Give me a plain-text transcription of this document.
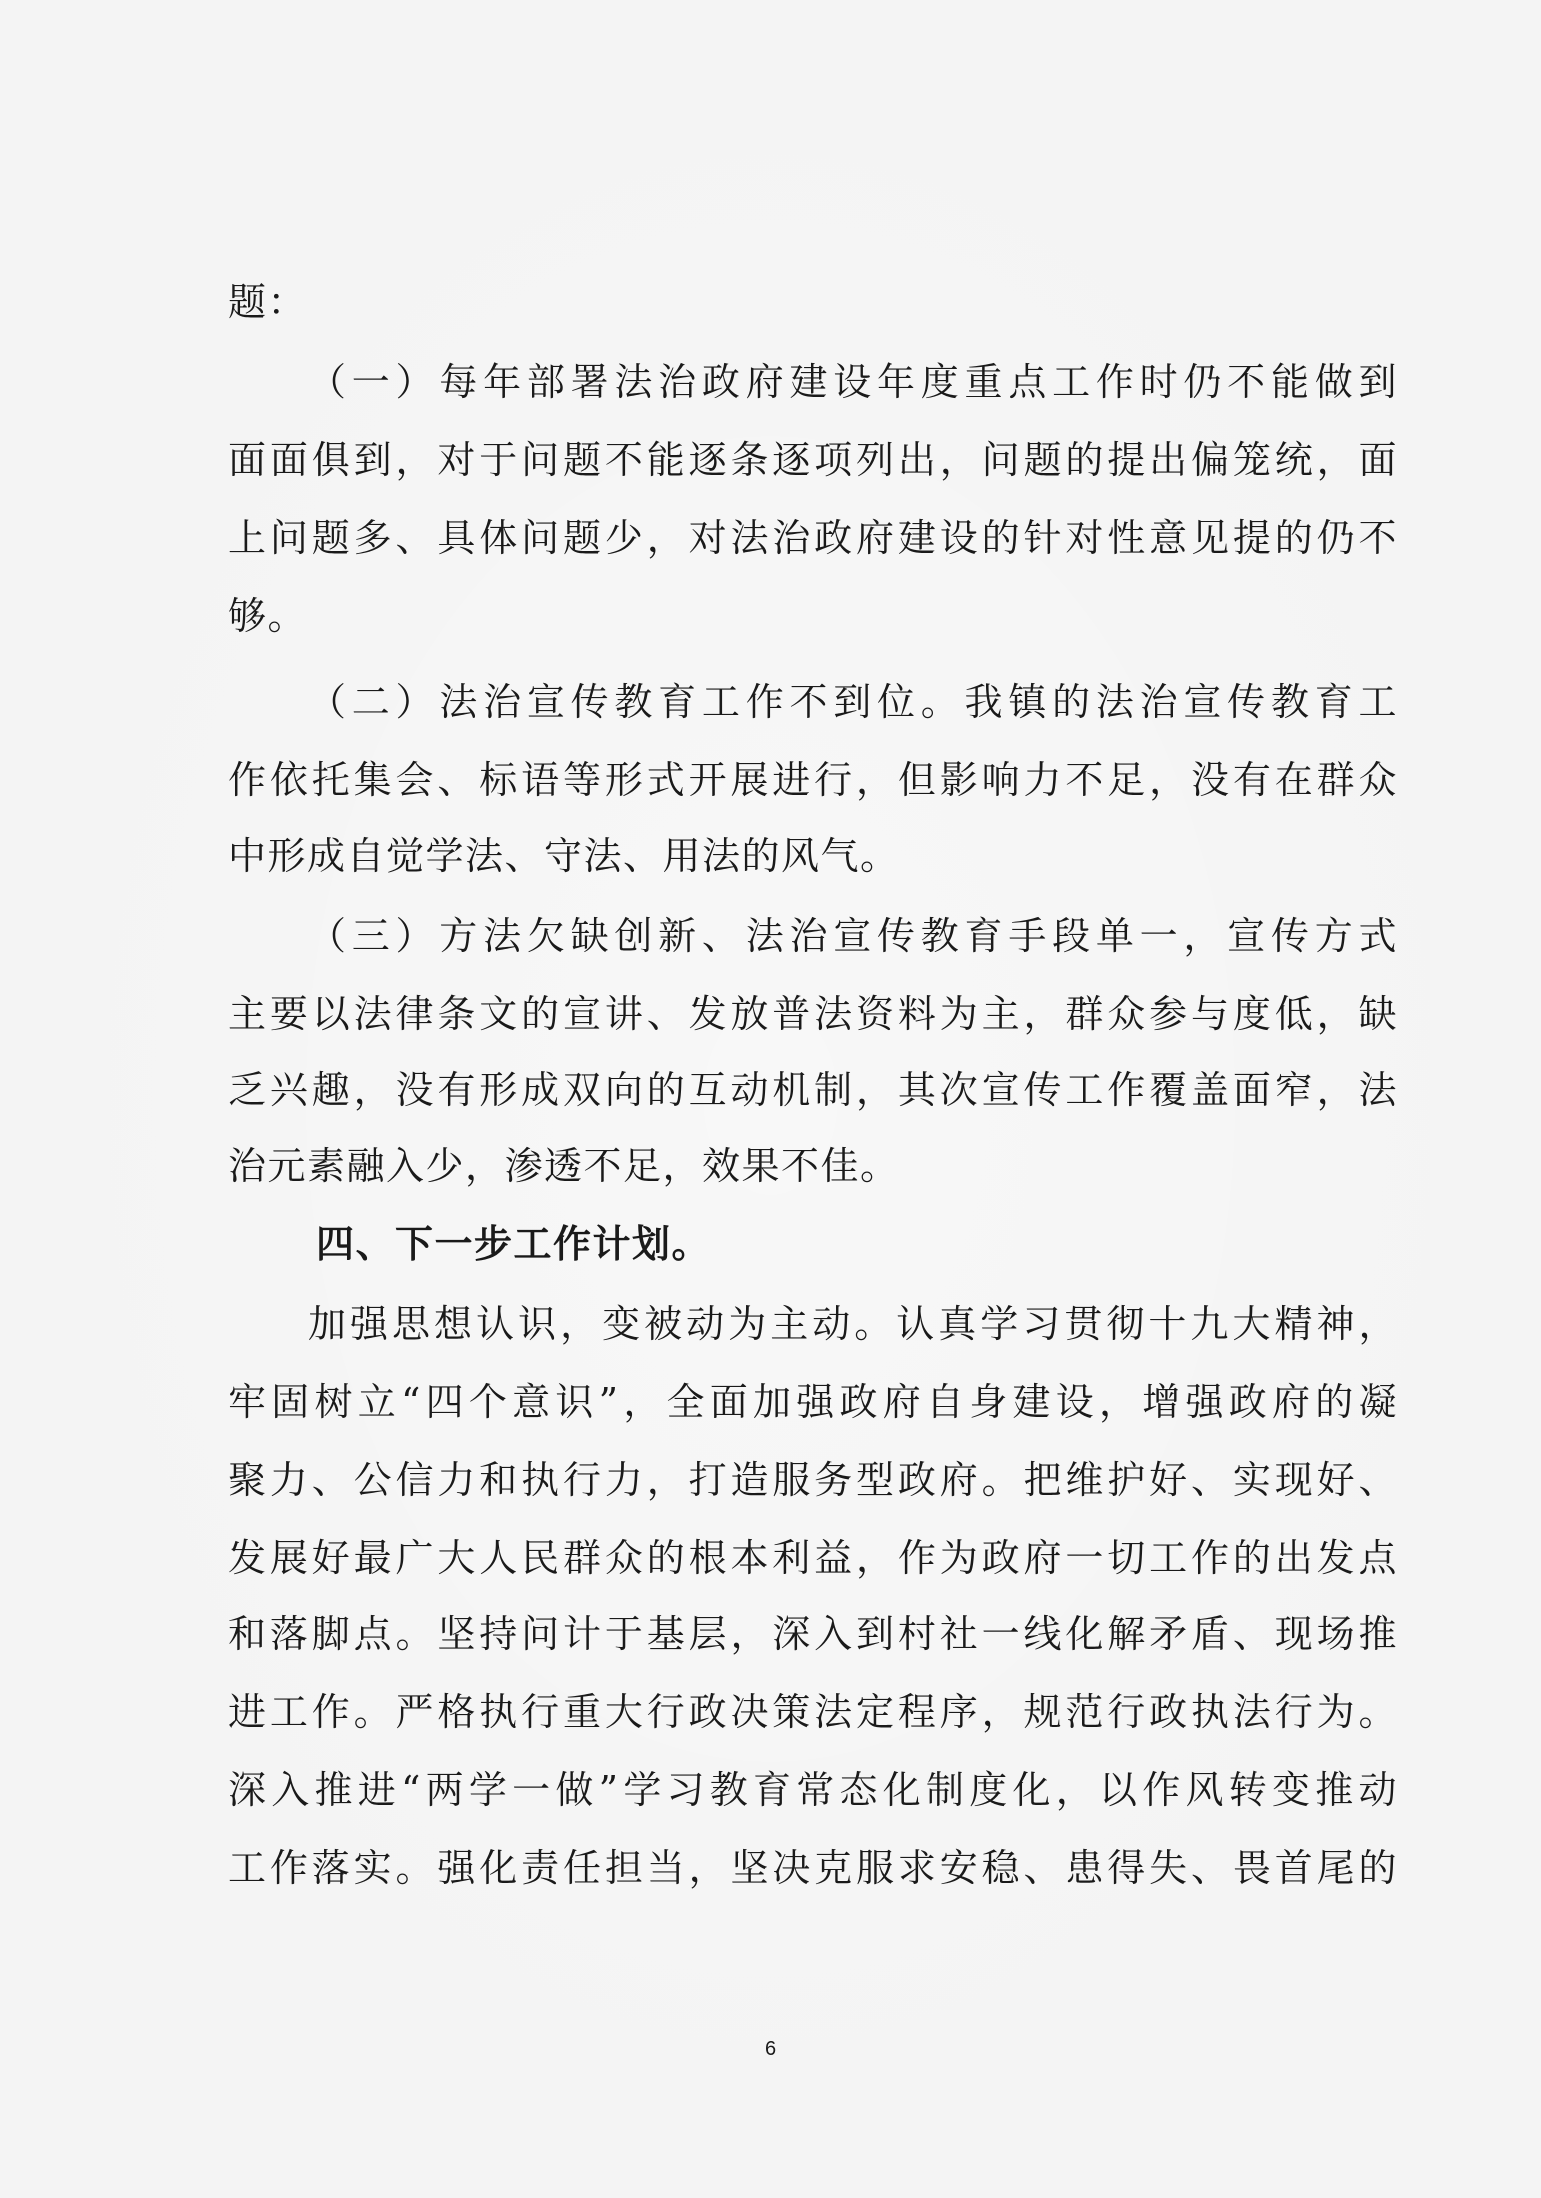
题：
（一）每年部署法治政府建设年度重点工作时仍不能做到
面面俱到，对于问题不能逐条逐项列出，问题的提出偏笼统，面
上问题多、具体问题少，对法治政府建设的针对性意见提的仍不
够。
（二）法治宣传教育工作不到位。我镇的法治宣传教育工
作依托集会、标语等形式开展进行，但影响力不足，没有在群众
中形成自觉学法、守法、用法的风气。
（三）方法欠缺创新、法治宣传教育手段单一，宣传方式
主要以法律条文的宣讲、发放普法资料为主，群众参与度低，缺
乏兴趣，没有形成双向的互动机制，其次宣传工作覆盖面窄，法
治元素融入少，渗透不足，效果不佳。
四、下一步工作计划。
加强思想认识，变被动为主动。认真学习贯彻十九大精神，
牢固树立“四个意识”，全面加强政府自身建设，增强政府的凝
聚力、公信力和执行力，打造服务型政府。把维护好、实现好、
发展好最广大人民群众的根本利益，作为政府一切工作的出发点
和落脚点。坚持问计于基层，深入到村社一线化解矛盾、现场推
进工作。严格执行重大行政决策法定程序，规范行政执法行为。
深入推进“两学一做”学习教育常态化制度化，以作风转变推动
工作落实。强化责任担当，坚决克服求安稳、患得失、畏首尾的
6
